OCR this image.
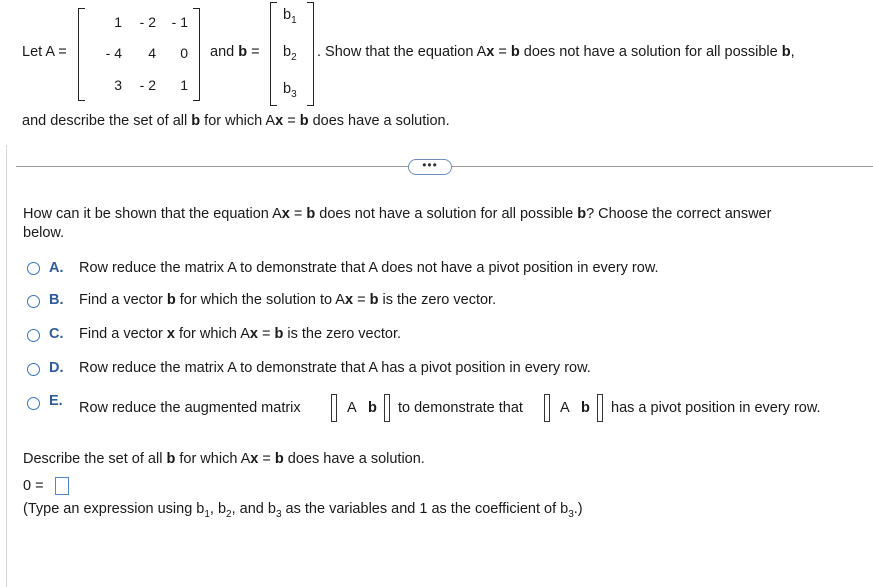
Let A =
1	- 2	- 1
- 4	4	0
3	- 2	1
and b =
$b_1$
$b_2$
$b_3$
. Show that the equation Ax = b does not have a solution for all possible b,
and describe the set of all b for which Ax = b does have a solution.
•••
How can it be shown that the equation Ax = b does not have a solution for all possible b? Choose the correct answer
below.
A. Row reduce the matrix A to demonstrate that A does not have a pivot position in every row.
B. Find a vector b for which the solution to Ax = b is the zero vector.
C. Find a vector x for which Ax = b is the zero vector.
D. Row reduce the matrix A to demonstrate that A has a pivot position in every row.
E. Row reduce the augmented matrix	A b to demonstrate that	A b has a pivot position in every row.
Describe the set of all b for which Ax = b does have a solution.
0 =
(Type an expression using $b_1$, $b_2$, and $b_3$ as the variables and 1 as the coefficient of $b_3$.)
